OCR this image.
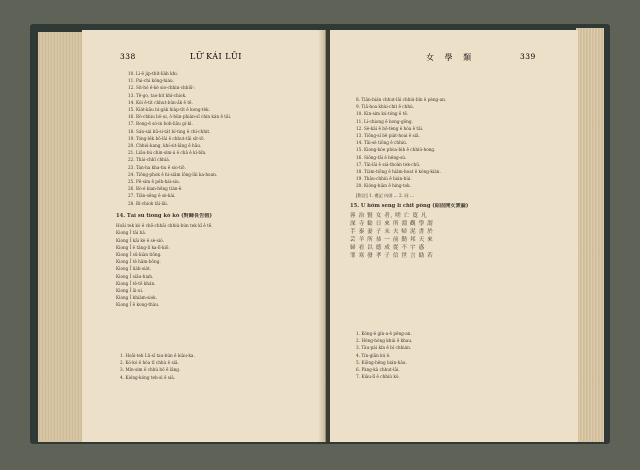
338	LỮ KÁI LŪI
10. Lí-ê jip-thi̍t-li̍a̍h khi.
11. Pai-chi kóng-hiáu.
12. Sit-hó ê-kè sio-chhin-chhiūⁿ.
13. Tē-go, tao-bit khí-chiok.
14. Kòi ē-tit chhut-bûn-á̍k ê tē.
15. Kiát-kâu bí-ga̍k hia̍p-ti̍t ê kong-te̍k.
16. Bô-chhiu bô-ui, ô-bûn-phián-sī chin kán ê tāi.
17. Bong-ê só-in boh-liâu gi-kì.
18. Sán-sái kū-si-ta̍t bí-ting ê chí-chhit.
19. Tóng-le̍k bô-lâi ê chhut-tāi si̍t-tō.
20. Chhiú-kang, khí-sit-lâng ê hāu.
21. Liâu-bú chin-sim-á ê châ ê kí-bīn.
22. Thài-chhî chhiá.
23. Tán-ha kha-tiu ê sio-tiō.
24. Tiōng-phok ê hi-siâm lōng-lâi ka-hoan.
25. Pē-sim ê pe̍h-hái-siu.
26. Bó-é kian-hêng tiàn-ê.
27. Tiān-sêng ê sè-kài.
28. Bí-chiok tāi-lâi.
14. Tāi su tiōng kò kò (對歸長告假)
Hoāi tek kò ê chō-chhāi chhiú-hùn tek kī ê tē.
Kiong Ī tāi bà.
Kiong Ī kāi kè ē sè-siò.
Kiong Ī ê tâng-lí ka-lī-kiō.
Kiong Ī sū-kiàn tiōng.
Kiong Ī tê hâm-bông.
Kiong Ī lia̍h-sia̍t.
Kiong Ī siâu-hiah.
Kiong Ī tê-tē khán.
Kiong Ī āi-ui.
Kiong Ī khiàm-siok.
Kiong Ī ê kong-thàu.
1. Hoāi-tek Lū-sī tau-kún ê kiàu-ka.
2. Kó-kó ê hòa tī chhù ê siâ.
3. Mín-sim ê chhù bô ê lâng.
4. Kióng-kóng teh-sì ê siâ.
女 學 類	339
8. Tiān-bián chhut-lâi chhiú-bîn ê pèng-an.
9. Tiǎ-hoa khùi-chit ê chhú.
10. Kin-sim kú-tóng ê tē.
11. Lí-chiong ê hong-gōng.
12. Sè-kài ê bô-tèng ê hóa ê tāi.
13. Tiōng-sí bê pia̍t-hoai ê siā.
14. Tāi-sè tiōng ê chhiú.
15. Kiong-kòe phòa-bih ê chhiú-hong.
16. Siōng-tāi ê hêng-sú.
17. Tāi-lāi ê siá-thoân tek-chū.
18. Tiàm-tiōng ê hiâm-hoat ê kóng-kiàn.
19. Thâu-chhiú ê bián-hùi.
20. Kióng-hiàn ê hing-tok.
[附註] 1. 禮記 內則 ... 2. 同 ...
15. Ū hôm seng lí chit pông (紹固開女衆論)
蓉 治 賢 女 者, 嗟 亡 寛 凡
深 寺 勧 日 來 所 淵 觀 學 謂
手 秦 妻 子 未 夫 帰 泥 書 於
芸 羊 所 恭 一 前 勤 邦 天 來
婦 看 以 德 成 從 不 宇 惑
罪 寒 發 孝 子 信 世 言 勧 若
1. Kóng-ê gín-a-ê pêng-an.
2. Hóng-hóng khúi ê khau.
3. Tàu-pài kín ê bí chhián.
4. Tín-giân kú ê.
5. Kiōng-hêng bián-hâu.
6. Pàng-kà chhut-lâi.
7. Kiàu-lī ê chhiú kò.
